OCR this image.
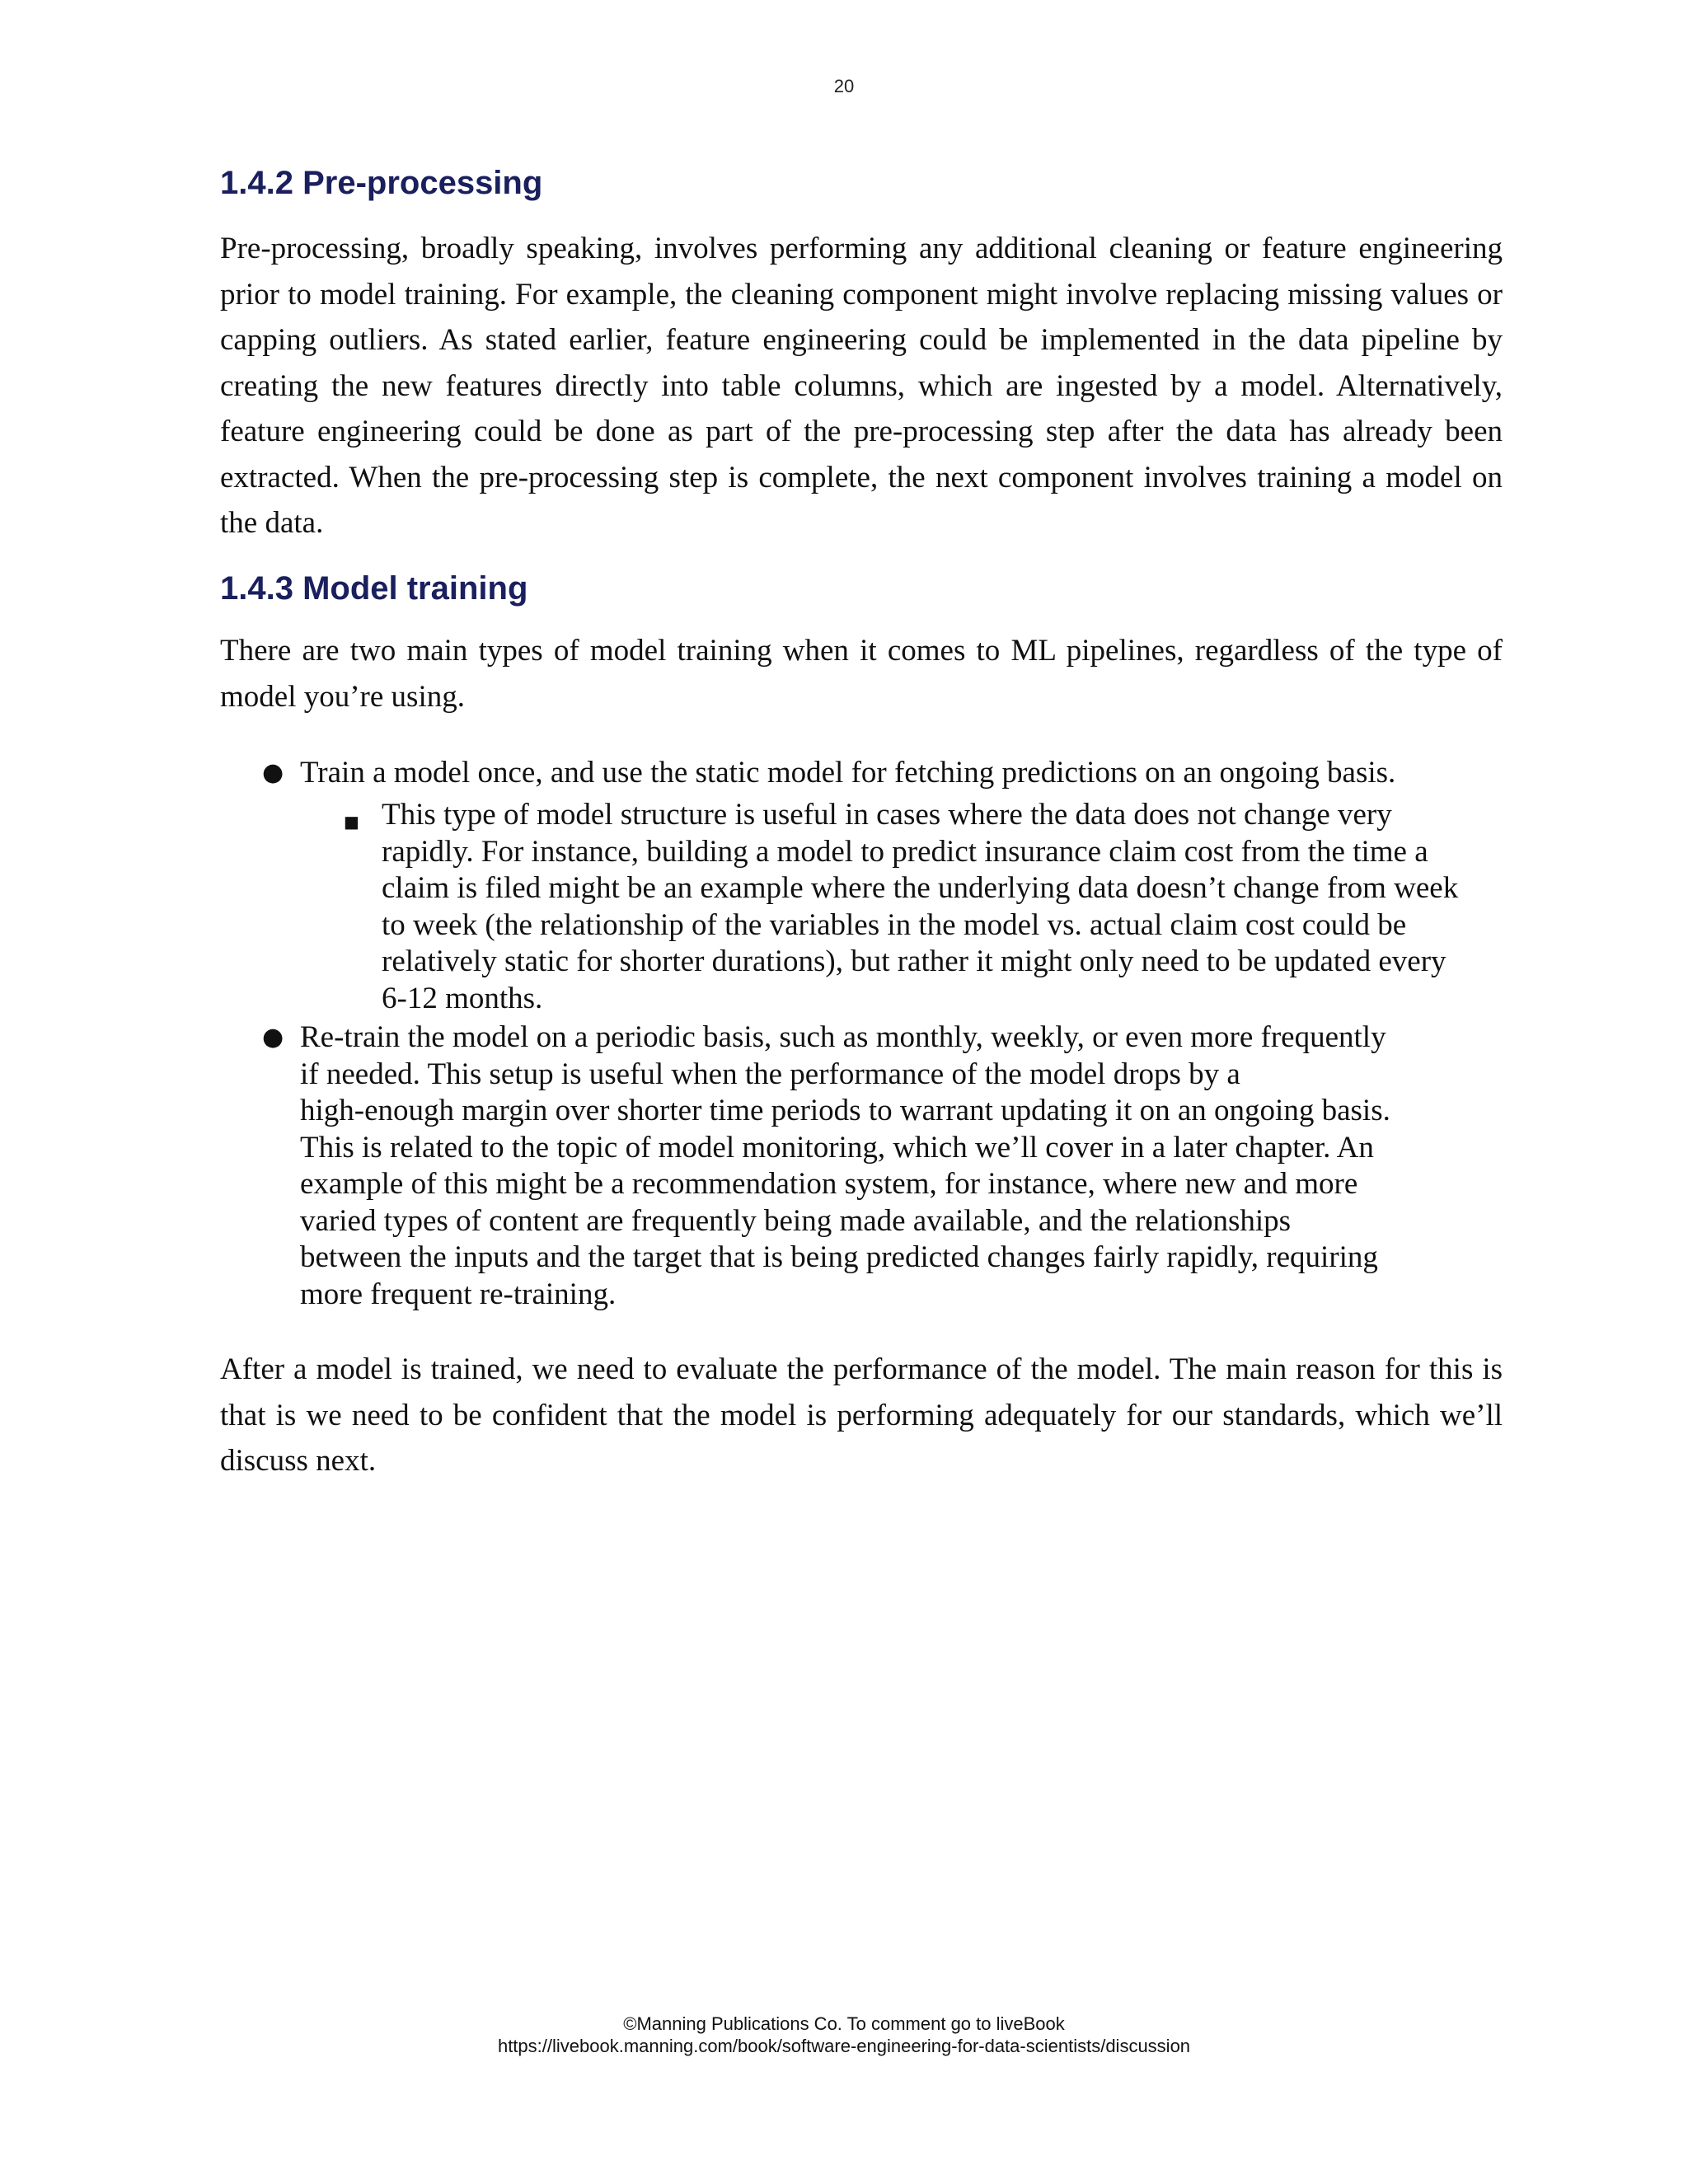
20
1.4.2 Pre-processing
Pre-processing, broadly speaking, involves performing any additional cleaning or feature engineering prior to model training. For example, the cleaning component might involve replacing missing values or capping outliers. As stated earlier, feature engineering could be implemented in the data pipeline by creating the new features directly into table columns, which are ingested by a model. Alternatively, feature engineering could be done as part of the pre-processing step after the data has already been extracted. When the pre-processing step is complete, the next component involves training a model on the data.
1.4.3 Model training
There are two main types of model training when it comes to ML pipelines, regardless of the type of model you’re using.
● Train a model once, and use the static model for fetching predictions on an ongoing basis.
■ This type of model structure is useful in cases where the data does not change very
rapidly. For instance, building a model to predict insurance claim cost from the time a
claim is filed might be an example where the underlying data doesn’t change from week
to week (the relationship of the variables in the model vs. actual claim cost could be
relatively static for shorter durations), but rather it might only need to be updated every
6-12 months.
● Re-train the model on a periodic basis, such as monthly, weekly, or even more frequently
if needed. This setup is useful when the performance of the model drops by a
high-enough margin over shorter time periods to warrant updating it on an ongoing basis.
This is related to the topic of model monitoring, which we’ll cover in a later chapter. An
example of this might be a recommendation system, for instance, where new and more
varied types of content are frequently being made available, and the relationships
between the inputs and the target that is being predicted changes fairly rapidly, requiring
more frequent re-training.
After a model is trained, we need to evaluate the performance of the model. The main reason for this is that is we need to be confident that the model is performing adequately for our standards, which we’ll discuss next.
©Manning Publications Co. To comment go to liveBook
https://livebook.manning.com/book/software-engineering-for-data-scientists/discussion
